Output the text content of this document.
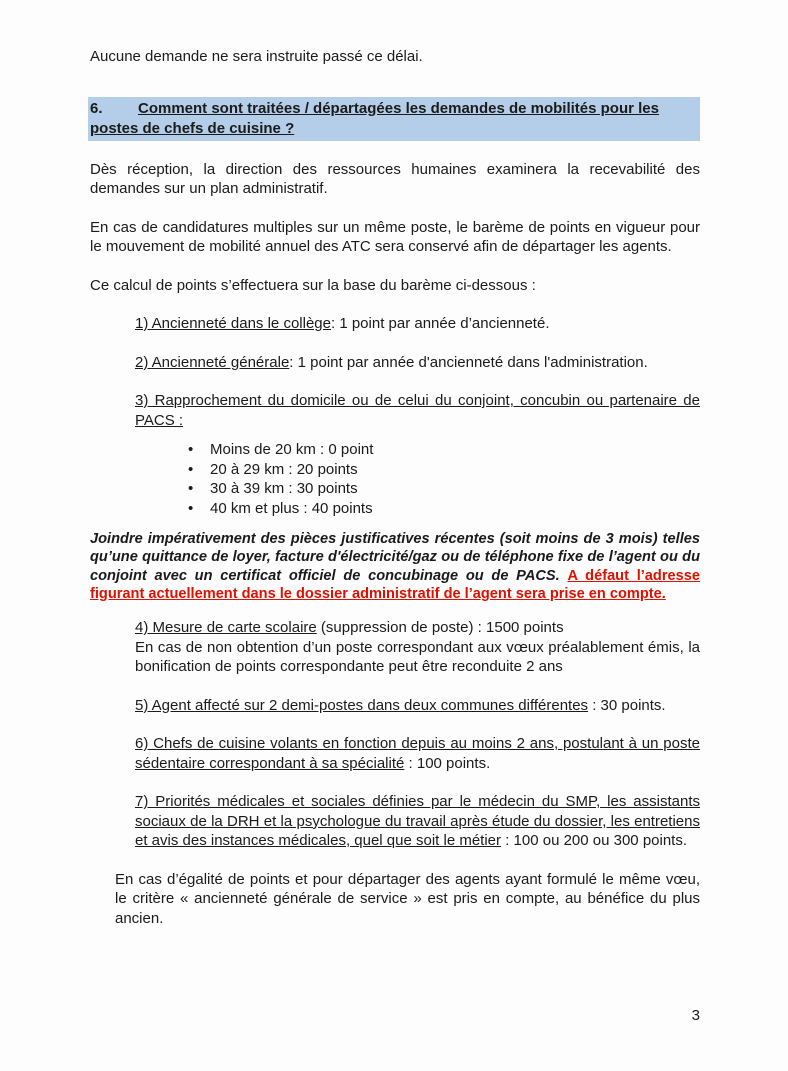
Aucune demande ne sera instruite passé ce délai.

6. Comment sont traitées / départagées les demandes de mobilités pour les postes de chefs de cuisine ?

Dès réception, la direction des ressources humaines examinera la recevabilité des demandes sur un plan administratif.

En cas de candidatures multiples sur un même poste, le barème de points en vigueur pour le mouvement de mobilité annuel des ATC sera conservé afin de départager les agents.

Ce calcul de points s’effectuera sur la base du barème ci-dessous :

1) Ancienneté dans le collège: 1 point par année d’ancienneté.

2) Ancienneté générale: 1 point par année d'ancienneté dans l'administration.

3) Rapprochement du domicile ou de celui du conjoint, concubin ou partenaire de PACS :

• Moins de 20 km : 0 point
• 20 à 29 km : 20 points
• 30 à 39 km : 30 points
• 40 km et plus : 40 points

Joindre impérativement des pièces justificatives récentes (soit moins de 3 mois) telles qu’une quittance de loyer, facture d'électricité/gaz ou de téléphone fixe de l’agent ou du conjoint avec un certificat officiel de concubinage ou de PACS. A défaut l’adresse figurant actuellement dans le dossier administratif de l’agent sera prise en compte.

4) Mesure de carte scolaire (suppression de poste) : 1500 points
En cas de non obtention d’un poste correspondant aux vœux préalablement émis, la bonification de points correspondante peut être reconduite 2 ans

5) Agent affecté sur 2 demi-postes dans deux communes différentes : 30 points.

6) Chefs de cuisine volants en fonction depuis au moins 2 ans, postulant à un poste sédentaire correspondant à sa spécialité : 100 points.

7) Priorités médicales et sociales définies par le médecin du SMP, les assistants sociaux de la DRH et la psychologue du travail après étude du dossier, les entretiens et avis des instances médicales, quel que soit le métier : 100 ou 200 ou 300 points.

En cas d’égalité de points et pour départager des agents ayant formulé le même vœu, le critère « ancienneté générale de service » est pris en compte, au bénéfice du plus ancien.

3
